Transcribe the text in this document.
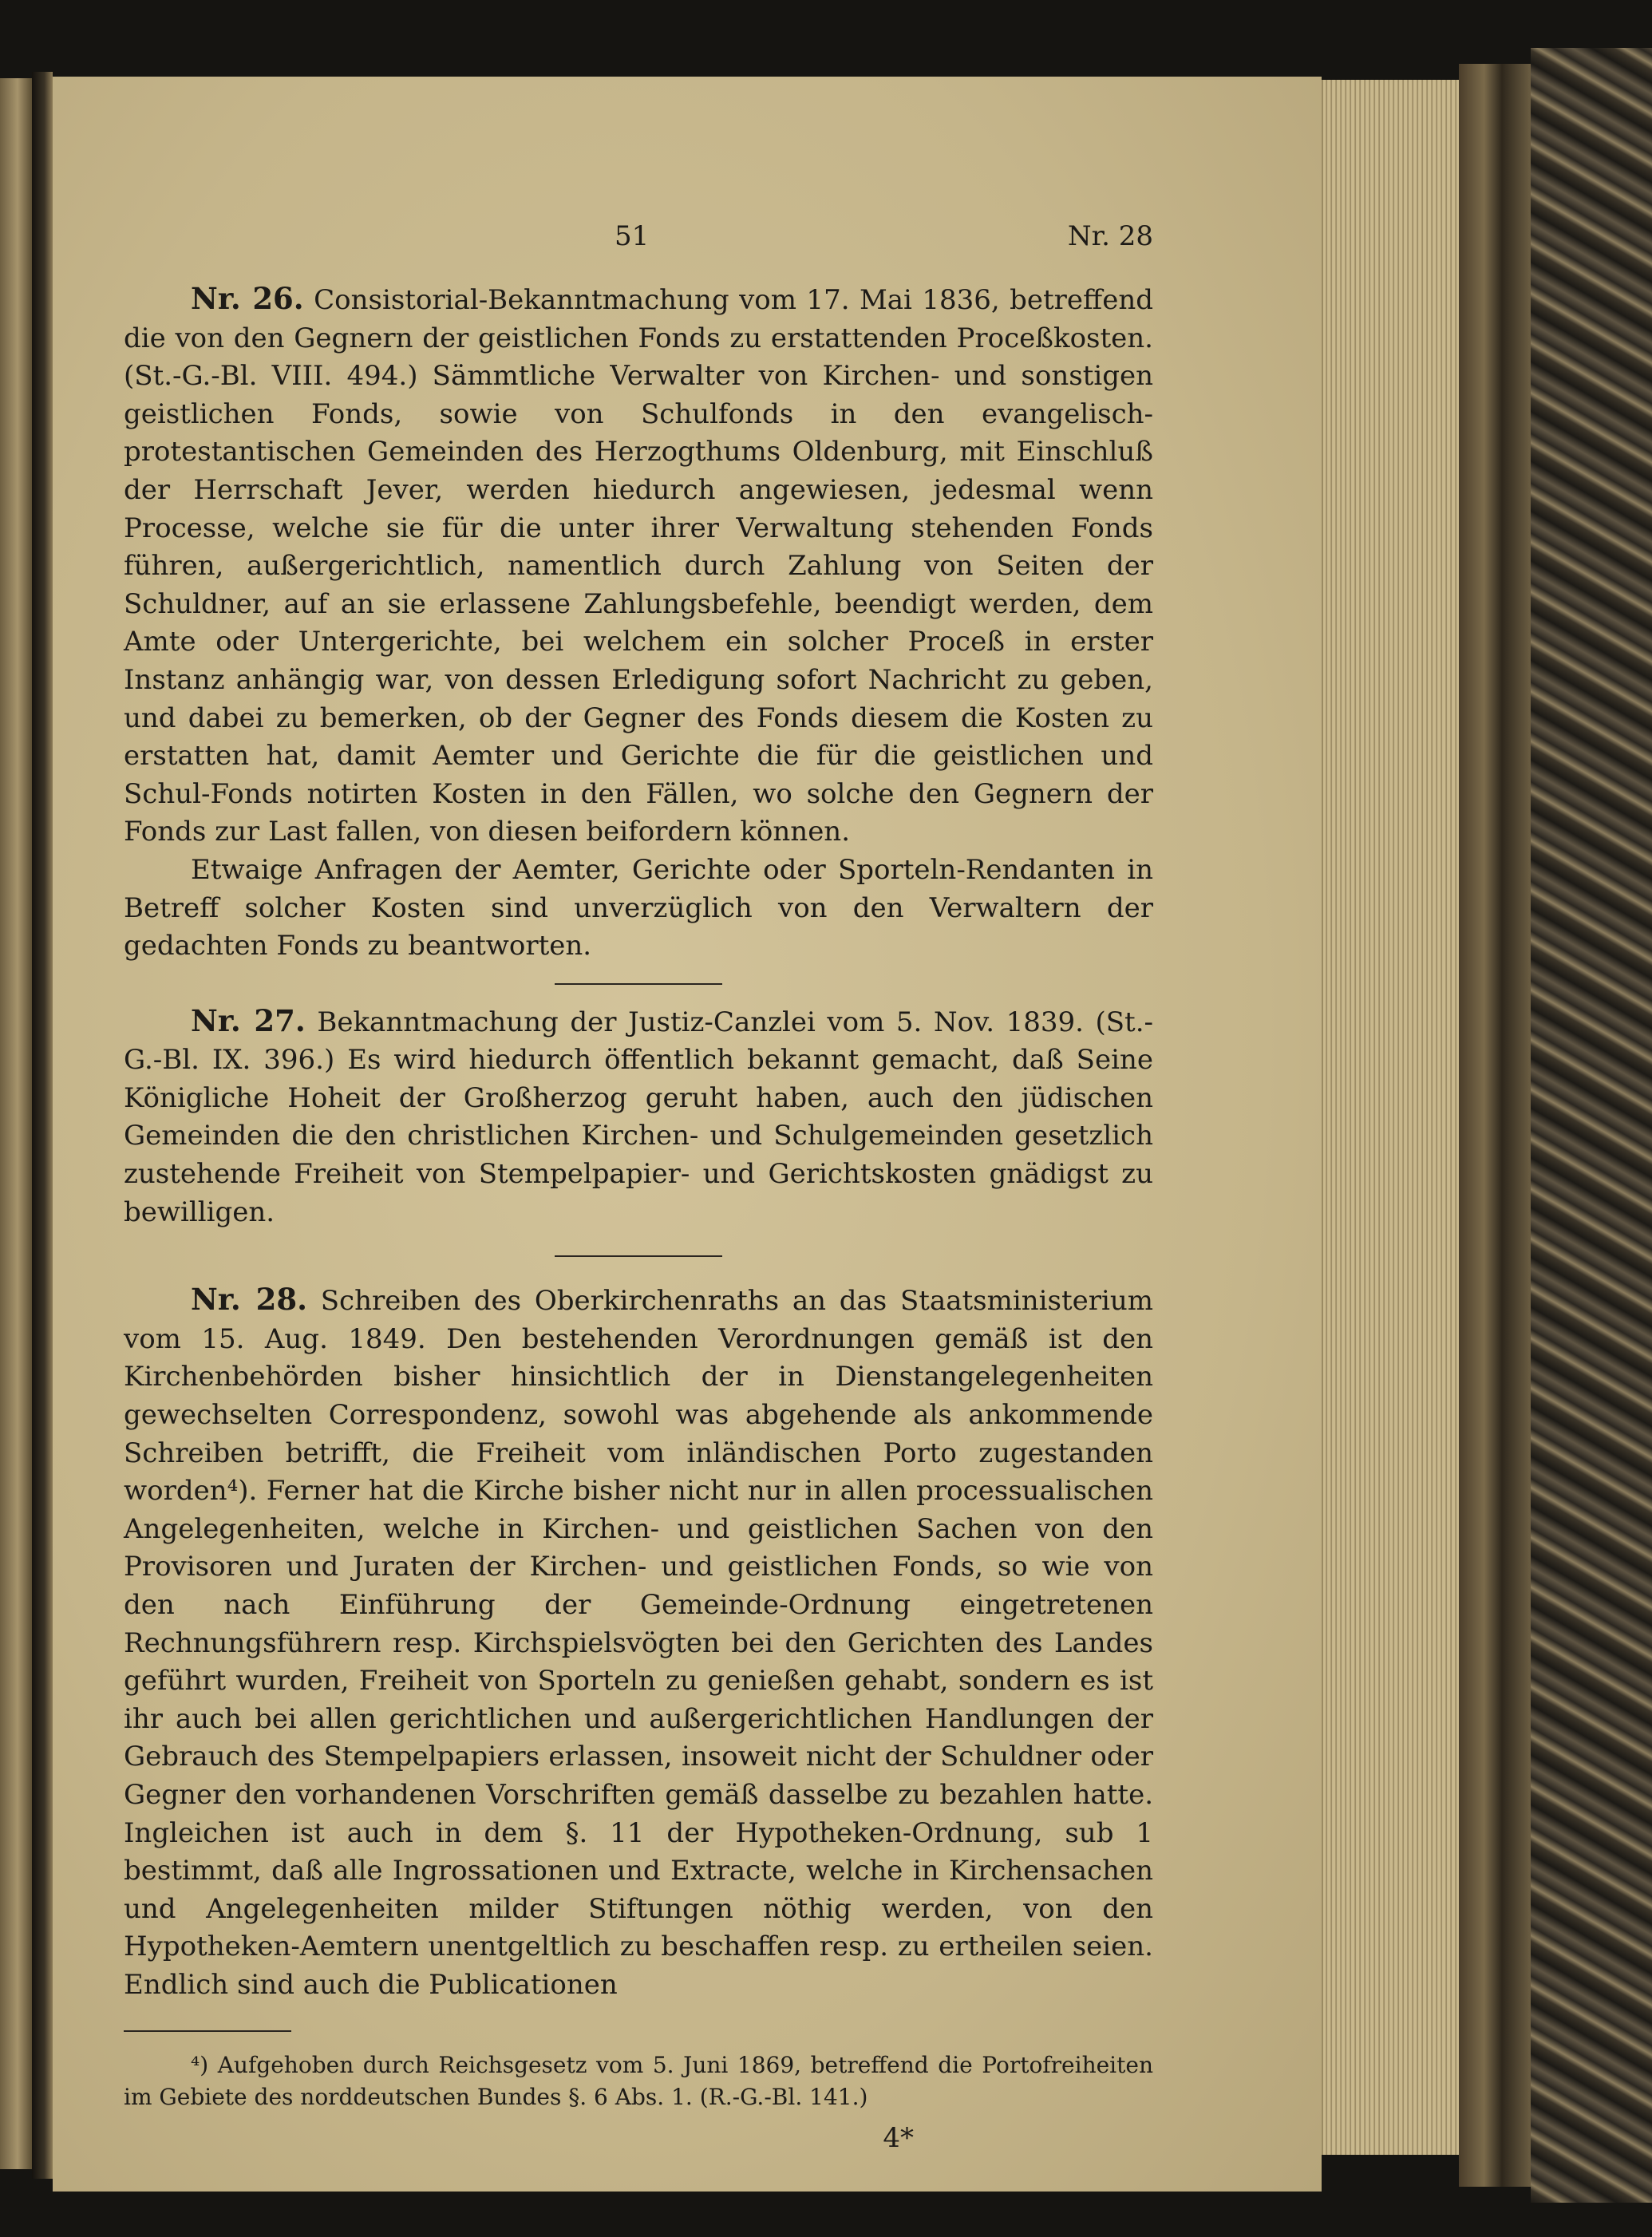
51	Nr. 28

Nr. 26. Consistorial-Bekanntmachung vom 17. Mai 1836, betreffend die von den Gegnern der geistlichen Fonds zu erstattenden Proceßkosten. (St.-G.-Bl. VIII. 494.) Sämmtliche Verwalter von Kirchen- und sonstigen geistlichen Fonds, sowie von Schulfonds in den evangelisch-protestantischen Gemeinden des Herzogthums Oldenburg, mit Einschluß der Herrschaft Jever, werden hiedurch angewiesen, jedesmal wenn Processe, welche sie für die unter ihrer Verwaltung stehenden Fonds führen, außergerichtlich, namentlich durch Zahlung von Seiten der Schuldner, auf an sie erlassene Zahlungsbefehle, beendigt werden, dem Amte oder Untergerichte, bei welchem ein solcher Proceß in erster Instanz anhängig war, von dessen Erledigung sofort Nachricht zu geben, und dabei zu bemerken, ob der Gegner des Fonds diesem die Kosten zu erstatten hat, damit Aemter und Gerichte die für die geistlichen und Schul-Fonds notirten Kosten in den Fällen, wo solche den Gegnern der Fonds zur Last fallen, von diesen beifordern können.

Etwaige Anfragen der Aemter, Gerichte oder Sporteln-Rendanten in Betreff solcher Kosten sind unverzüglich von den Verwaltern der gedachten Fonds zu beantworten.

Nr. 27. Bekanntmachung der Justiz-Canzlei vom 5. Nov. 1839. (St.-G.-Bl. IX. 396.) Es wird hiedurch öffentlich bekannt gemacht, daß Seine Königliche Hoheit der Großherzog geruht haben, auch den jüdischen Gemeinden die den christlichen Kirchen- und Schulgemeinden gesetzlich zustehende Freiheit von Stempelpapier- und Gerichtskosten gnädigst zu bewilligen.

Nr. 28. Schreiben des Oberkirchenraths an das Staatsministerium vom 15. Aug. 1849. Den bestehenden Verordnungen gemäß ist den Kirchenbehörden bisher hinsichtlich der in Dienstangelegenheiten gewechselten Correspondenz, sowohl was abgehende als ankommende Schreiben betrifft, die Freiheit vom inländischen Porto zugestanden worden⁴). Ferner hat die Kirche bisher nicht nur in allen processualischen Angelegenheiten, welche in Kirchen- und geistlichen Sachen von den Provisoren und Juraten der Kirchen- und geistlichen Fonds, so wie von den nach Einführung der Gemeinde-Ordnung eingetretenen Rechnungsführern resp. Kirchspielsvögten bei den Gerichten des Landes geführt wurden, Freiheit von Sporteln zu genießen gehabt, sondern es ist ihr auch bei allen gerichtlichen und außergerichtlichen Handlungen der Gebrauch des Stempelpapiers erlassen, insoweit nicht der Schuldner oder Gegner den vorhandenen Vorschriften gemäß dasselbe zu bezahlen hatte. Ingleichen ist auch in dem §. 11 der Hypotheken-Ordnung, sub 1 bestimmt, daß alle Ingrossationen und Extracte, welche in Kirchensachen und Angelegenheiten milder Stiftungen nöthig werden, von den Hypotheken-Aemtern unentgeltlich zu beschaffen resp. zu ertheilen seien. Endlich sind auch die Publicationen

⁴) Aufgehoben durch Reichsgesetz vom 5. Juni 1869, betreffend die Portofreiheiten im Gebiete des norddeutschen Bundes §. 6 Abs. 1. (R.-G.-Bl. 141.)

4*
